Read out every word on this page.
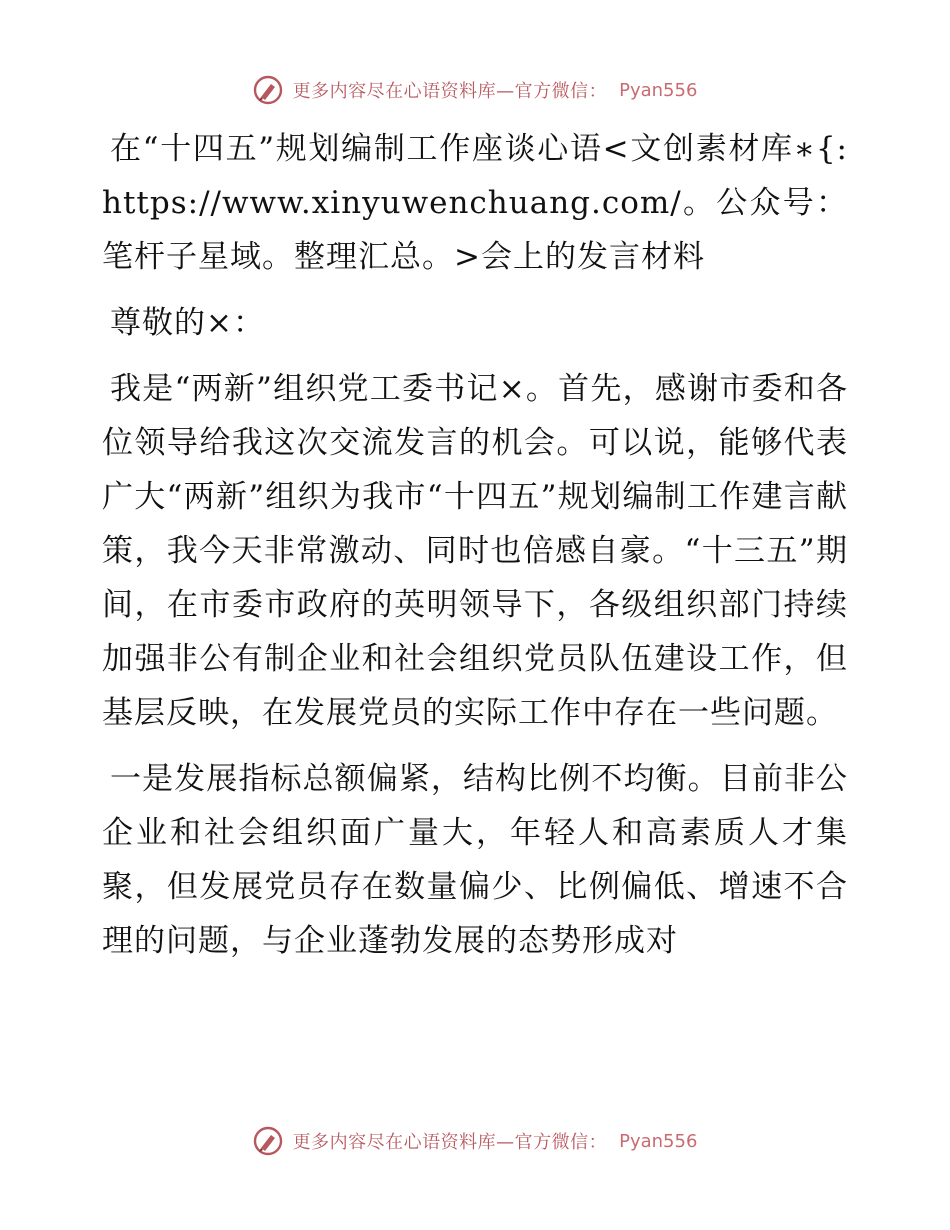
更多内容尽在心语资料库—官方微信： Pyan556

在“十四五”规划编制工作座谈心语<文创素材库∗{: https://www.xinyuwenchuang.com/。公众号：笔杆子星域。整理汇总。>会上的发言材料

尊敬的×：

我是“两新”组织党工委书记×。首先，感谢市委和各位领导给我这次交流发言的机会。可以说，能够代表广大“两新”组织为我市“十四五”规划编制工作建言献策，我今天非常激动、同时也倍感自豪。“十三五”期间，在市委市政府的英明领导下，各级组织部门持续加强非公有制企业和社会组织党员队伍建设工作，但基层反映，在发展党员的实际工作中存在一些问题。

一是发展指标总额偏紧，结构比例不均衡。目前非公企业和社会组织面广量大，年轻人和高素质人才集聚，但发展党员存在数量偏少、比例偏低、增速不合理的问题，与企业蓬勃发展的态势形成对

更多内容尽在心语资料库—官方微信： Pyan556
